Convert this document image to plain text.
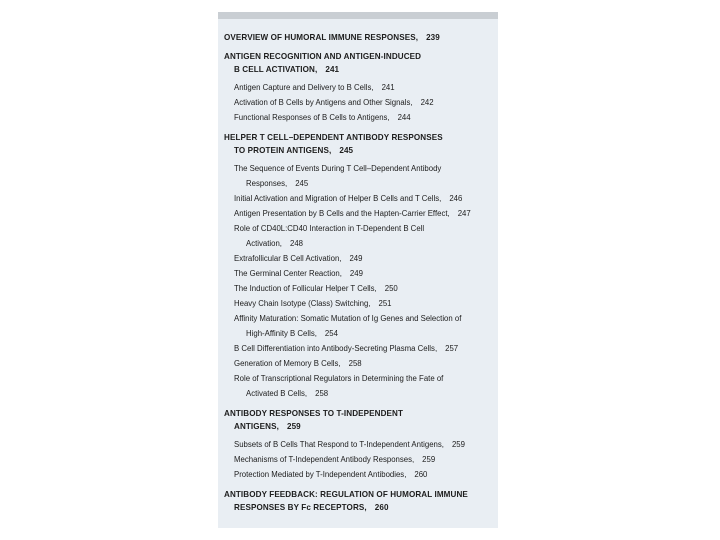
OVERVIEW OF HUMORAL IMMUNE RESPONSES, 239
ANTIGEN RECOGNITION AND ANTIGEN-INDUCED
B CELL ACTIVATION, 241
Antigen Capture and Delivery to B Cells, 241
Activation of B Cells by Antigens and Other Signals, 242
Functional Responses of B Cells to Antigens, 244
HELPER T CELL–DEPENDENT ANTIBODY RESPONSES
TO PROTEIN ANTIGENS, 245
The Sequence of Events During T Cell–Dependent Antibody
Responses, 245
Initial Activation and Migration of Helper B Cells and T Cells, 246
Antigen Presentation by B Cells and the Hapten-Carrier Effect, 247
Role of CD40L:CD40 Interaction in T-Dependent B Cell
Activation, 248
Extrafollicular B Cell Activation, 249
The Germinal Center Reaction, 249
The Induction of Follicular Helper T Cells, 250
Heavy Chain Isotype (Class) Switching, 251
Affinity Maturation: Somatic Mutation of Ig Genes and Selection of
High-Affinity B Cells, 254
B Cell Differentiation into Antibody-Secreting Plasma Cells, 257
Generation of Memory B Cells, 258
Role of Transcriptional Regulators in Determining the Fate of
Activated B Cells, 258
ANTIBODY RESPONSES TO T-INDEPENDENT
ANTIGENS, 259
Subsets of B Cells That Respond to T-Independent Antigens, 259
Mechanisms of T-Independent Antibody Responses, 259
Protection Mediated by T-Independent Antibodies, 260
ANTIBODY FEEDBACK: REGULATION OF HUMORAL IMMUNE
RESPONSES BY Fc RECEPTORS, 260
